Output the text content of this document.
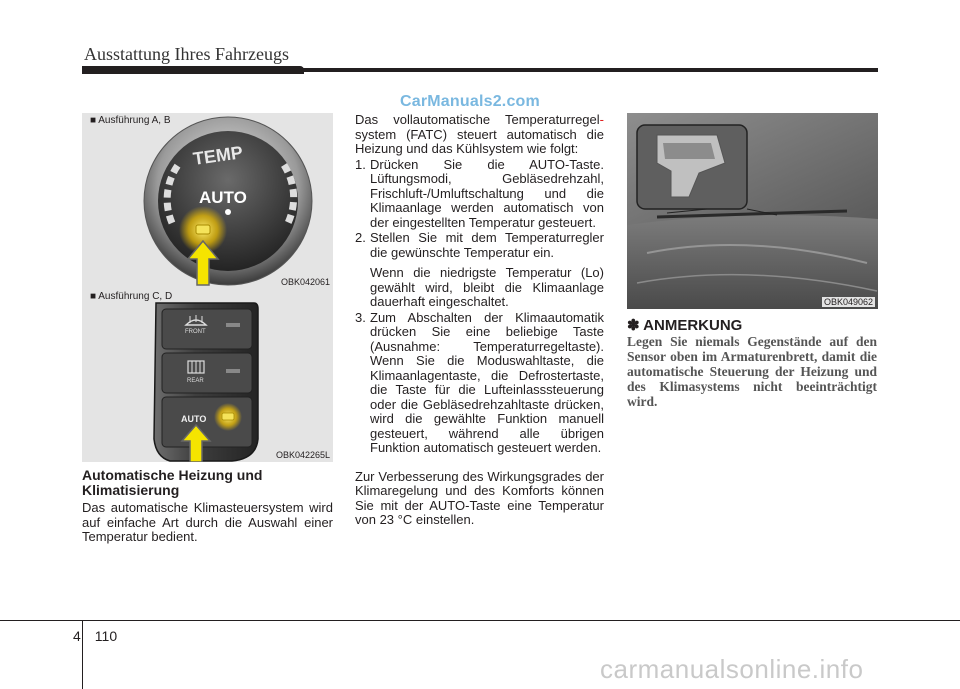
Ausstattung Ihres Fahrzeugs
CarManuals2.com
TEMP
AUTO
■ Ausführung A, B
OBK042061
FRONT
REAR
AUTO
■ Ausführung C, D
OBK042265L
Automatische Heizung und Klimatisierung

Das automatische Klimasteuersystem wird auf einfache Art durch die Auswahl einer Temperatur bedient.

Das vollautomatische Temperaturregel- system (FATC) steuert automatisch die Heizung und das Kühlsystem wie folgt:

1. Drücken Sie die AUTO-Taste. Lüftungsmodi, Gebläsedrehzahl, Frischluft-/Umluftschaltung und die Klimaanlage werden automatisch von der eingestellten Temperatur gesteuert.
2. Stellen Sie mit dem Temperaturregler die gewünschte Temperatur ein.

Wenn die niedrigste Temperatur (Lo) gewählt wird, bleibt die Klimaanlage dauerhaft eingeschaltet.

3. Zum Abschalten der Klimaautomatik drücken Sie eine beliebige Taste (Ausnahme: Temperaturregeltaste). Wenn Sie die Moduswahltaste, die Klimaanlagentaste, die Defrostertaste, die Taste für die Lufteinlasssteuerung oder die Gebläsedrehzahltaste drücken, wird die gewählte Funktion manuell gesteuert, während alle übrigen Funktion automatisch gesteuert werden.

Zur Verbesserung des Wirkungsgrades der Klimaregelung und des Komforts können Sie mit der AUTO-Taste eine Temperatur von 23 °C einstellen.

OBK049062
✽ ANMERKUNG
Legen Sie niemals Gegenstände auf den Sensor oben im Armaturenbrett, damit die automatische Steuerung der Heizung und des Klimasystems nicht beeinträchtigt wird.
4 110
carmanualsonline.info
